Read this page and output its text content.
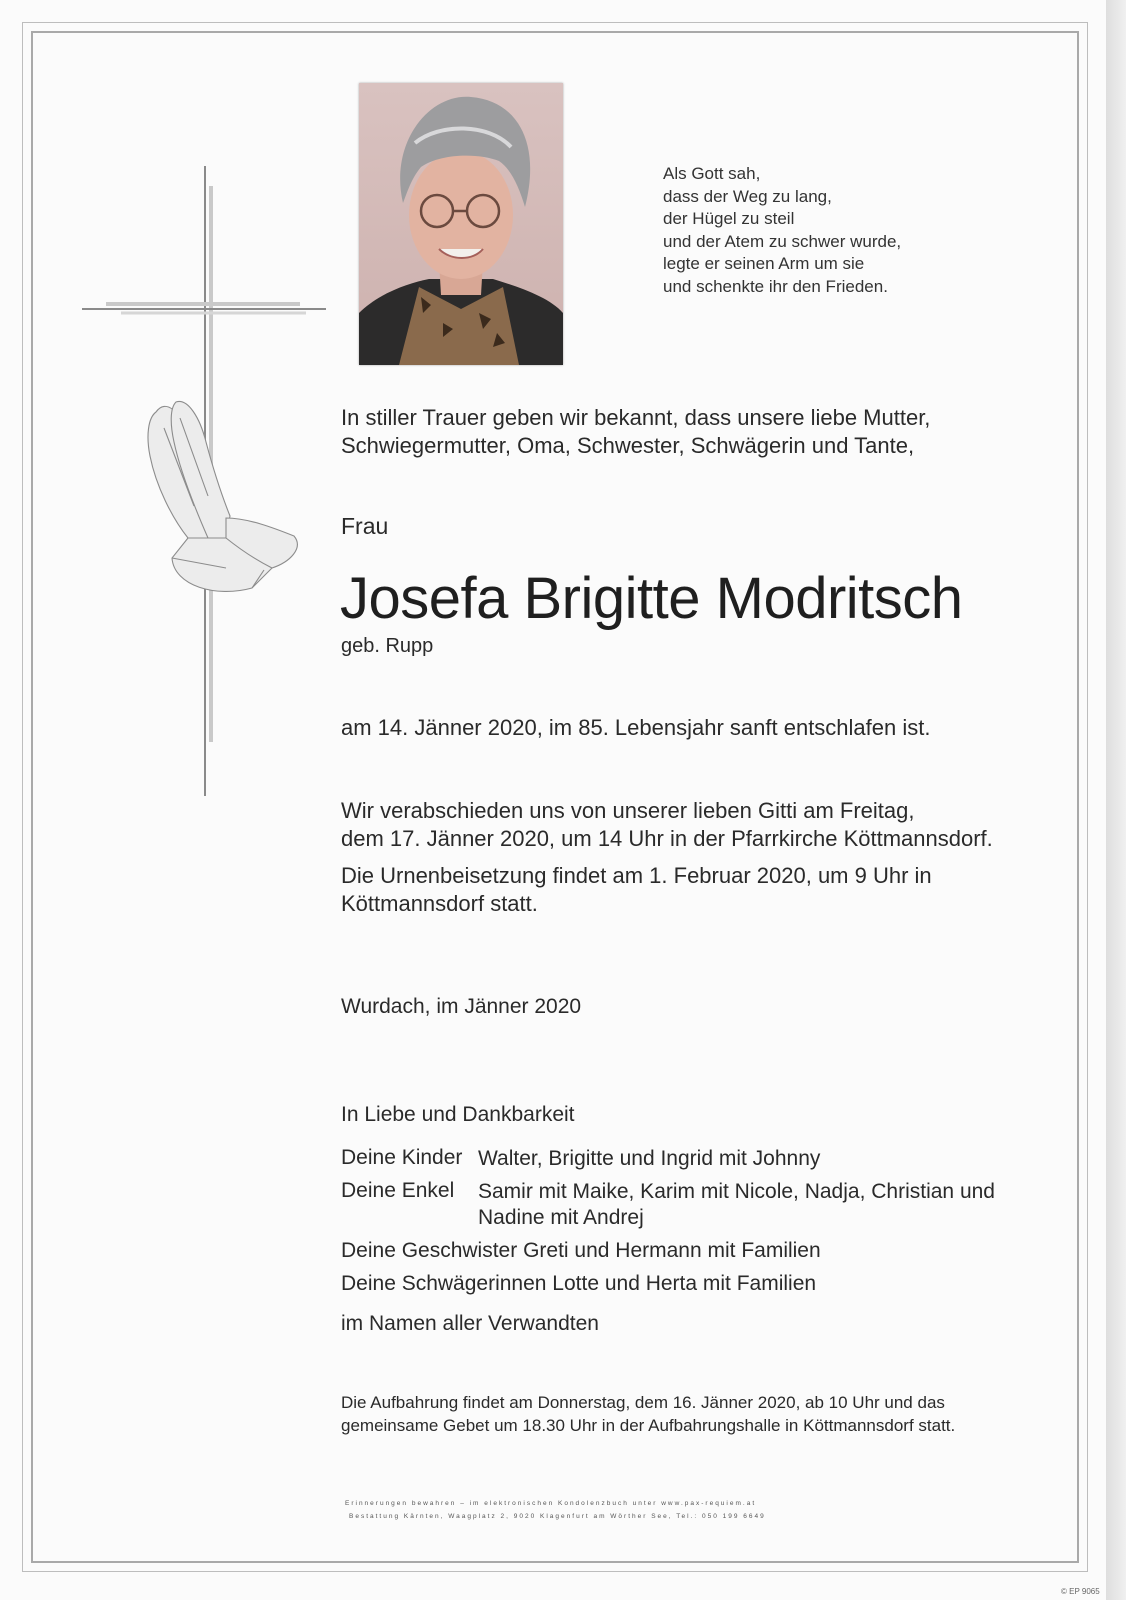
Als Gott sah,
dass der Weg zu lang,
der Hügel zu steil
und der Atem zu schwer wurde,
legte er seinen Arm um sie
und schenkte ihr den Frieden.
In stiller Trauer geben wir bekannt, dass unsere liebe Mutter,
Schwiegermutter, Oma, Schwester, Schwägerin und Tante,
Frau
Josefa Brigitte Modritsch
geb. Rupp
am 14. Jänner 2020, im 85. Lebensjahr sanft entschlafen ist.
Wir verabschieden uns von unserer lieben Gitti am Freitag,
dem 17. Jänner 2020, um 14 Uhr in der Pfarrkirche Köttmannsdorf.
Die Urnenbeisetzung findet am 1. Februar 2020, um 9 Uhr in
Köttmannsdorf statt.
Wurdach, im Jänner 2020
In Liebe und Dankbarkeit
Deine Kinder Walter, Brigitte und Ingrid mit Johnny
Deine Enkel Samir mit Maike, Karim mit Nicole, Nadja, Christian und
Nadine mit Andrej
Deine Geschwister Greti und Hermann mit Familien
Deine Schwägerinnen Lotte und Herta mit Familien
im Namen aller Verwandten
Die Aufbahrung findet am Donnerstag, dem 16. Jänner 2020, ab 10 Uhr und das
gemeinsame Gebet um 18.30 Uhr in der Aufbahrungshalle in Köttmannsdorf statt.
Erinnerungen bewahren – im elektronischen Kondolenzbuch unter www.pax-requiem.at
Bestattung Kärnten, Waagplatz 2, 9020 Klagenfurt am Wörther See, Tel.: 050 199 6649
© EP 9065
